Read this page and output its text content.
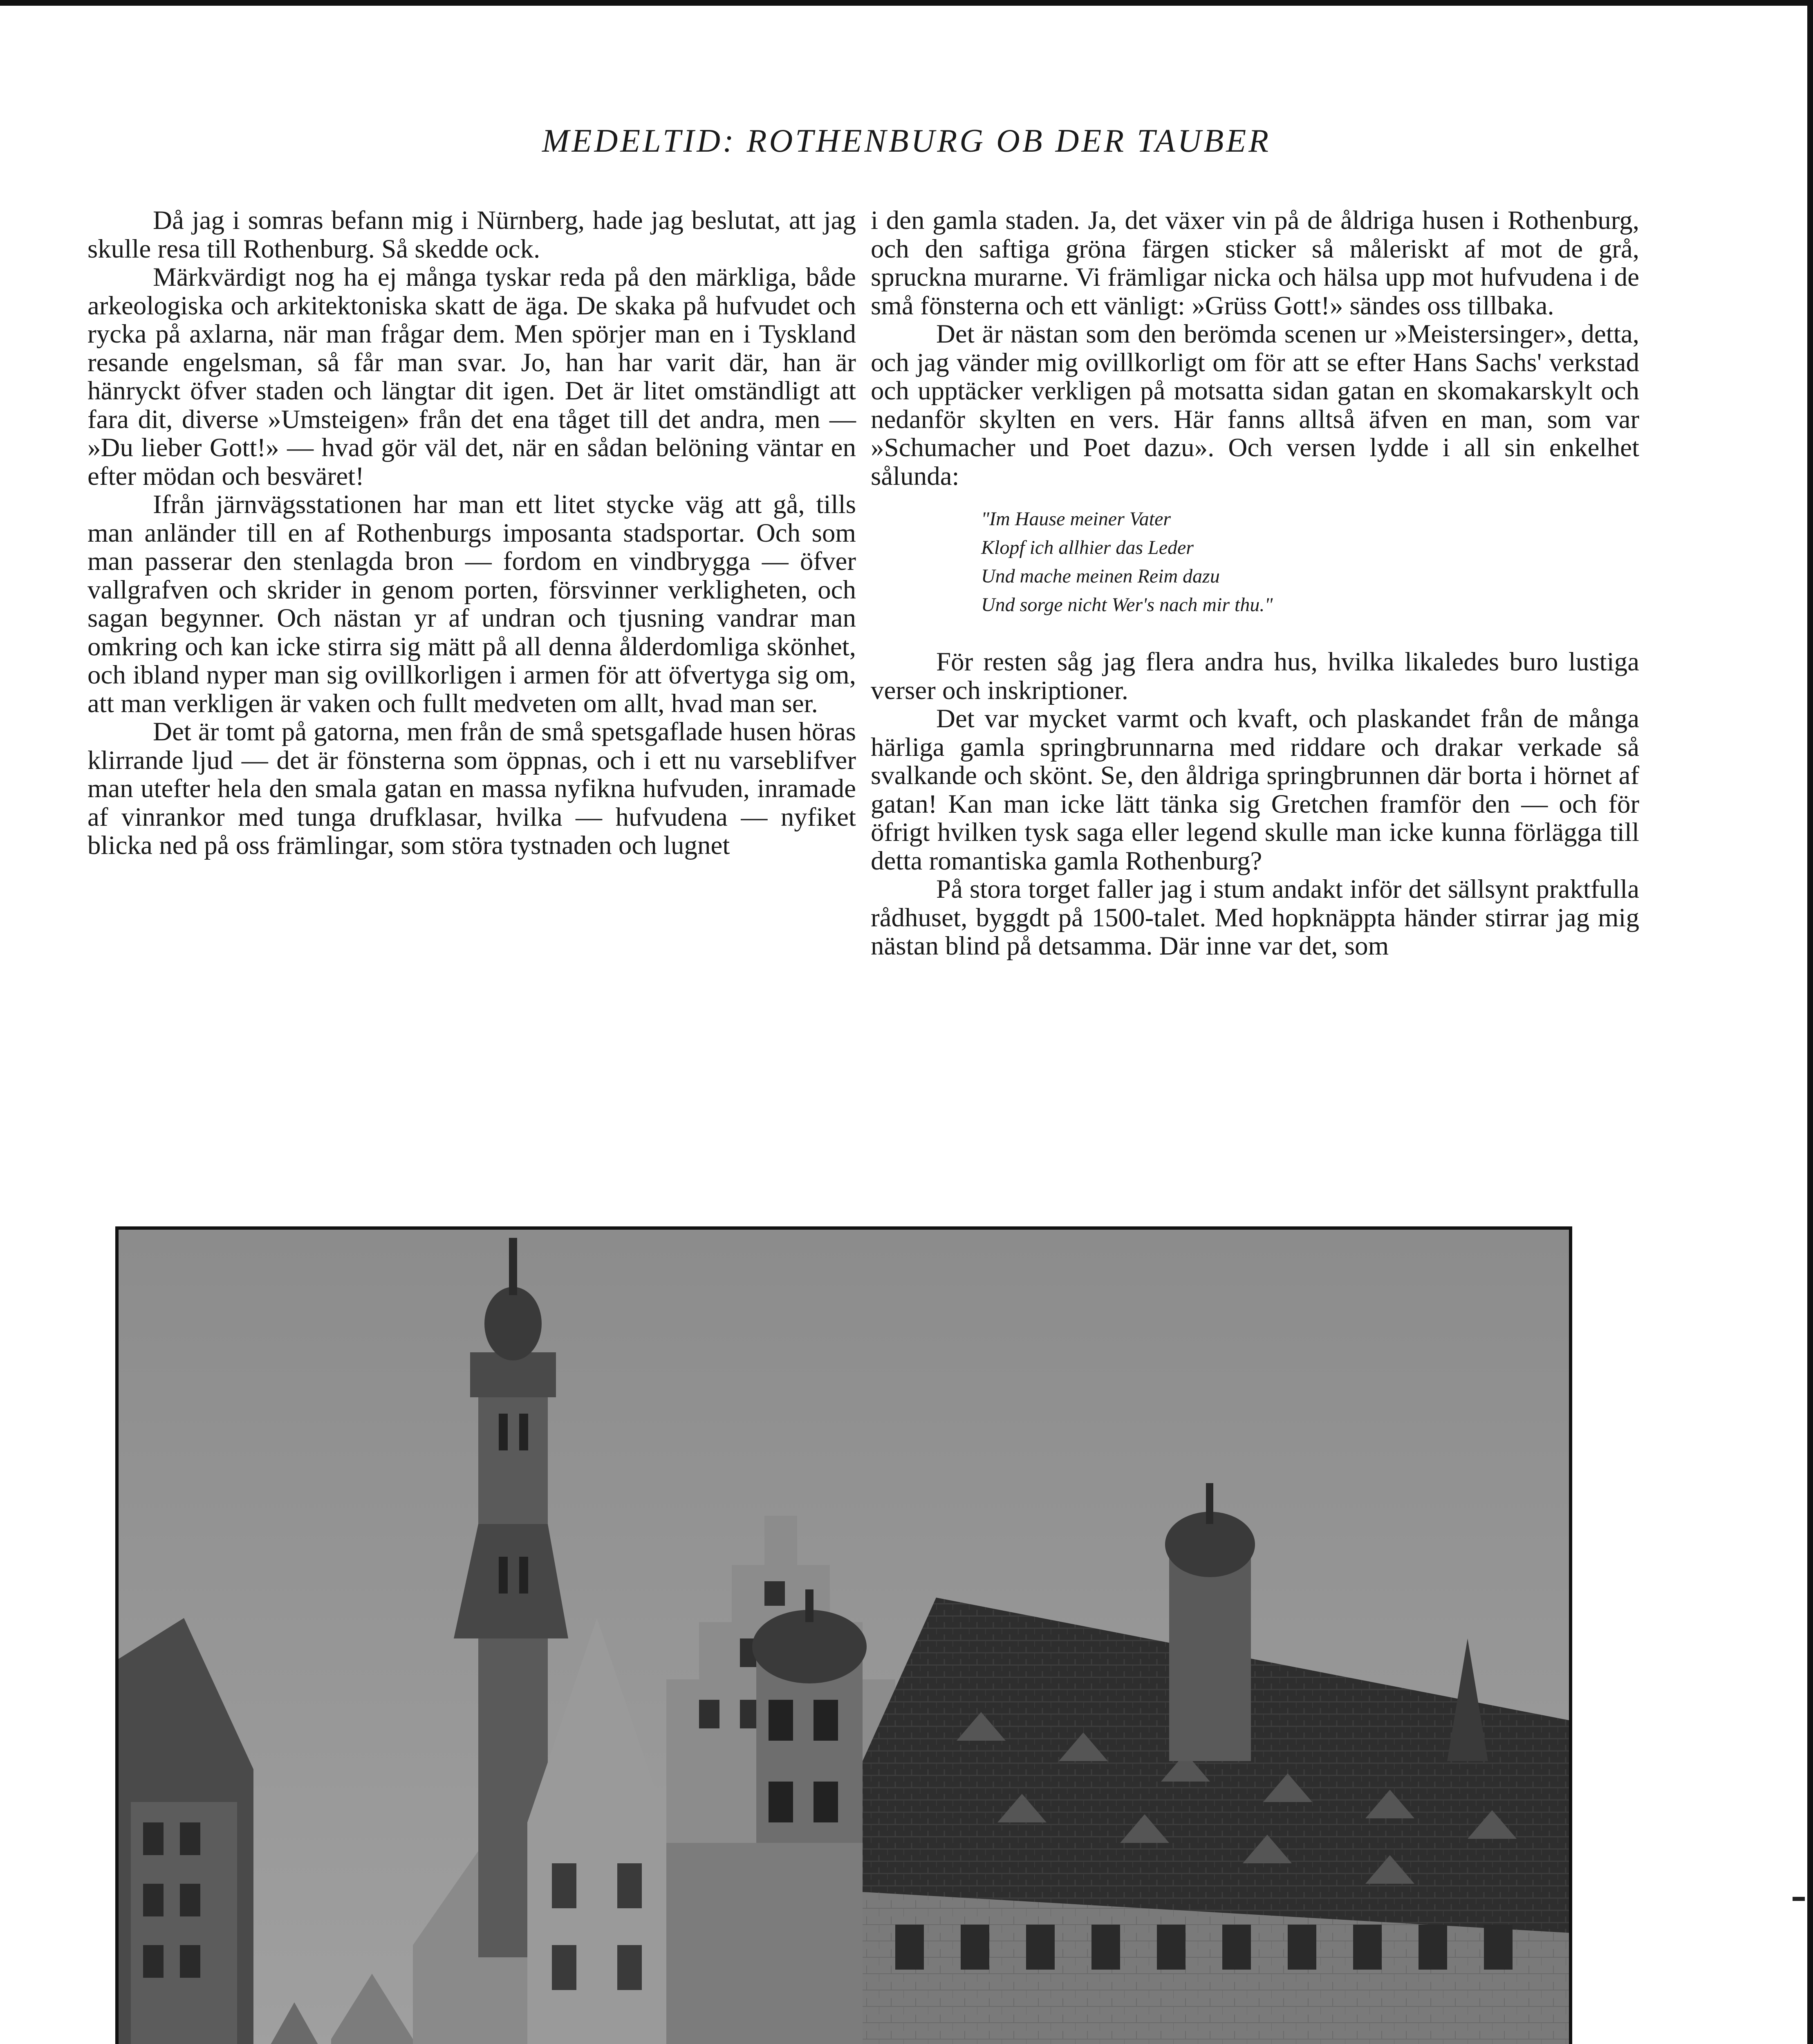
MEDELTID: ROTHENBURG OB DER TAUBER

Då jag i somras befann mig i Nürnberg, hade jag beslutat, att jag skulle resa till Rothenburg. Så skedde ock.

Märkvärdigt nog ha ej många tyskar reda på den märkliga, både arkeologiska och arkitektoniska skatt de äga. De skaka på hufvudet och rycka på axlarna, när man frågar dem. Men spörjer man en i Tyskland resande engelsman, så får man svar. Jo, han har varit där, han är hänryckt öfver staden och längtar dit igen. Det är litet omständligt att fara dit, diverse »Umsteigen» från det ena tåget till det andra, men — »Du lieber Gott!» — hvad gör väl det, när en sådan belöning väntar en efter mödan och besväret!

Ifrån järnvägsstationen har man ett litet stycke väg att gå, tills man anländer till en af Rothenburgs imposanta stadsportar. Och som man passerar den stenlagda bron — fordom en vindbrygga — öfver vallgrafven och skrider in genom porten, försvinner verkligheten, och sagan begynner. Och nästan yr af undran och tjusning vandrar man omkring och kan icke stirra sig mätt på all denna ålderdomliga skönhet, och ibland nyper man sig ovillkorligen i armen för att öfvertyga sig om, att man verkligen är vaken och fullt medveten om allt, hvad man ser.

Det är tomt på gatorna, men från de små spetsgaflade husen höras klirrande ljud — det är fönsterna som öppnas, och i ett nu varseblifver man utefter hela den smala gatan en massa nyfikna hufvuden, inramade af vinrankor med tunga drufklasar, hvilka — hufvudena — nyfiket blicka ned på oss främlingar, som störa tystnaden och lugnet

i den gamla staden. Ja, det växer vin på de åldriga husen i Rothenburg, och den saftiga gröna färgen sticker så måleriskt af mot de grå, spruckna murarne. Vi främligar nicka och hälsa upp mot hufvudena i de små fönsterna och ett vänligt: »Grüss Gott!» sändes oss tillbaka.

Det är nästan som den berömda scenen ur »Meistersinger», detta, och jag vänder mig ovillkorligt om för att se efter Hans Sachs' verkstad och upptäcker verkligen på motsatta sidan gatan en skomakarskylt och nedanför skylten en vers. Här fanns alltså äfven en man, som var »Schumacher und Poet dazu». Och versen lydde i all sin enkelhet sålunda:

"Im Hause meiner Vater
Klopf ich allhier das Leder
Und mache meinen Reim dazu
Und sorge nicht Wer's nach mir thu."

För resten såg jag flera andra hus, hvilka likaledes buro lustiga verser och inskriptioner.

Det var mycket varmt och kvaft, och plaskandet från de många härliga gamla springbrunnarna med riddare och drakar verkade så svalkande och skönt. Se, den åldriga springbrunnen där borta i hörnet af gatan! Kan man icke lätt tänka sig Gretchen framför den — och för öfrigt hvilken tysk saga eller legend skulle man icke kunna förlägga till detta romantiska gamla Rothenburg?

På stora torget faller jag i stum andakt inför det sällsynt praktfulla rådhuset, byggdt på 1500-talet. Med hopknäppta händer stirrar jag mig nästan blind på detsamma. Där inne var det, som
